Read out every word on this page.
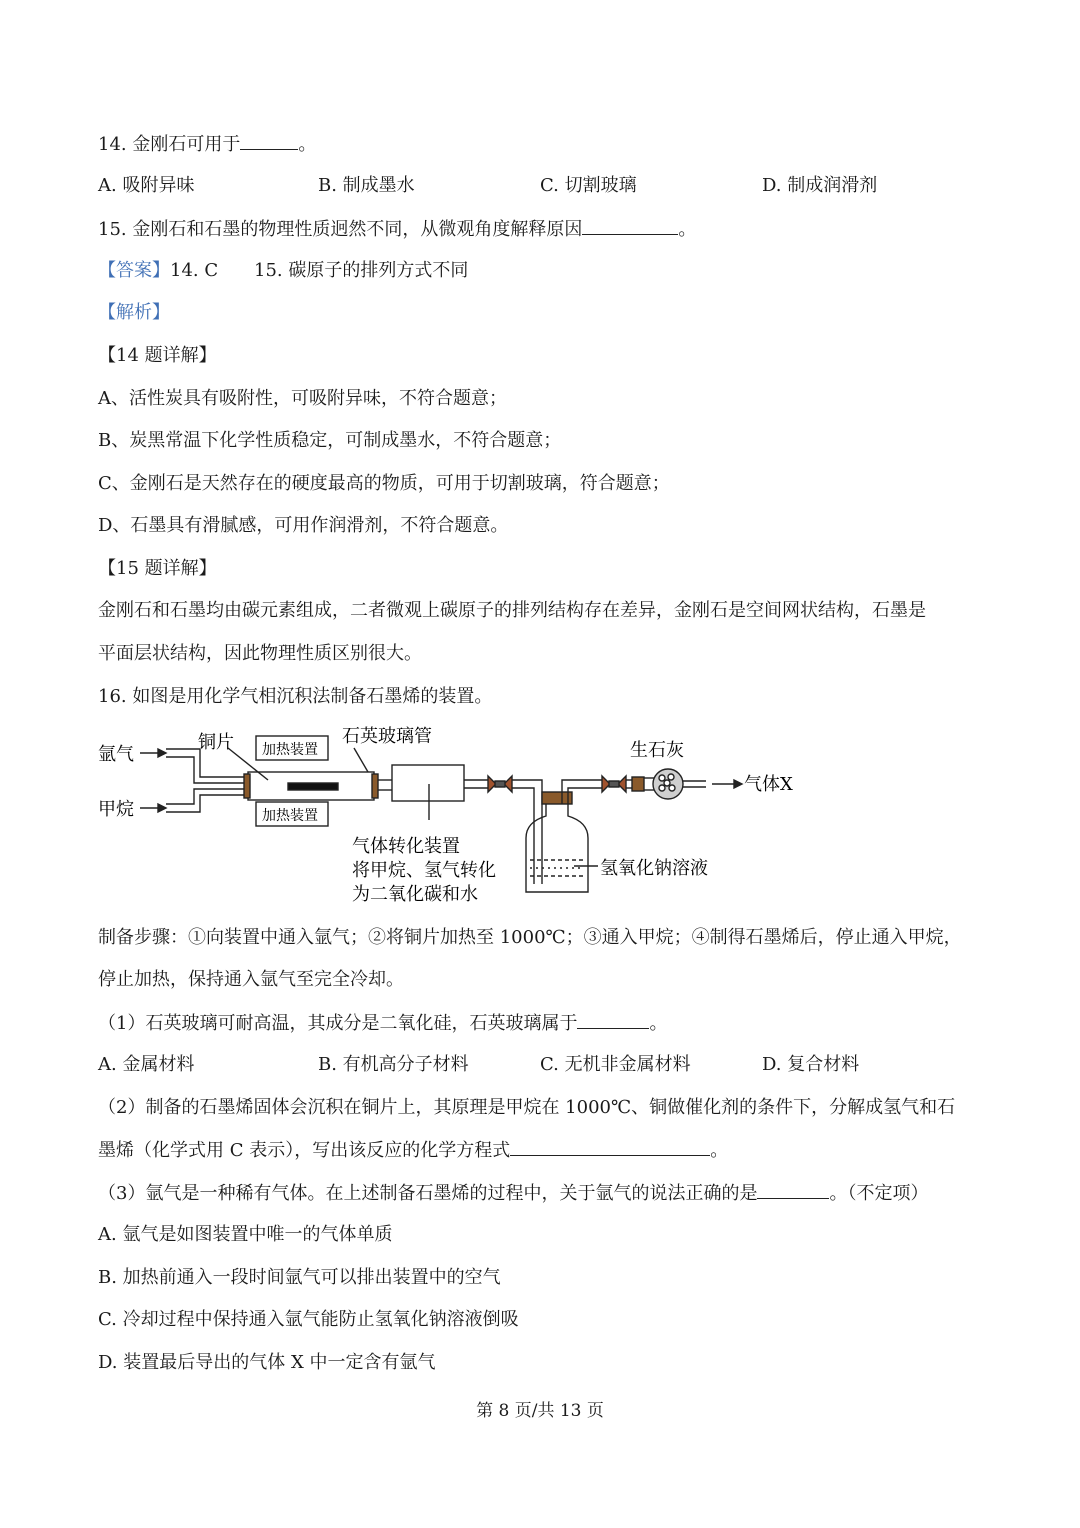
14. 金刚石可用于	。
A. 吸附异味	B. 制成墨水	C. 切割玻璃	D. 制成润滑剂
15. 金刚石和石墨的物理性质迥然不同，从微观角度解释原因	。
【答案】14. C 15. 碳原子的排列方式不同
【解析】
【14 题详解】
A、活性炭具有吸附性，可吸附异味，不符合题意；
B、炭黑常温下化学性质稳定，可制成墨水，不符合题意；
C、金刚石是天然存在的硬度最高的物质，可用于切割玻璃，符合题意；
D、石墨具有滑腻感，可用作润滑剂，不符合题意。
【15 题详解】
金刚石和石墨均由碳元素组成，二者微观上碳原子的排列结构存在差异，金刚石是空间网状结构，石墨是
平面层状结构，因此物理性质区别很大。
16. 如图是用化学气相沉积法制备石墨烯的装置。
氩气
甲烷
铜片 加热装置
加热装置
石英玻璃管
气体转化装置
将甲烷、氢气转化
为二氧化碳和水
生石灰
气体X
氢氧化钠溶液
制备步骤：①向装置中通入氩气；②将铜片加热至 1000℃；③通入甲烷；④制得石墨烯后，停止通入甲烷，
停止加热，保持通入氩气至完全冷却。
（1）石英玻璃可耐高温，其成分是二氧化硅，石英玻璃属于	。
A. 金属材料	B. 有机高分子材料	C. 无机非金属材料	D. 复合材料
（2）制备的石墨烯固体会沉积在铜片上，其原理是甲烷在 1000℃、铜做催化剂的条件下，分解成氢气和石
墨烯（化学式用 C 表示），写出该反应的化学方程式	。
（3）氩气是一种稀有气体。在上述制备石墨烯的过程中，关于氩气的说法正确的是	。（不定项）
A. 氩气是如图装置中唯一的气体单质
B. 加热前通入一段时间氩气可以排出装置中的空气
C. 冷却过程中保持通入氩气能防止氢氧化钠溶液倒吸
D. 装置最后导出的气体 X 中一定含有氩气
第 8 页/共 13 页
